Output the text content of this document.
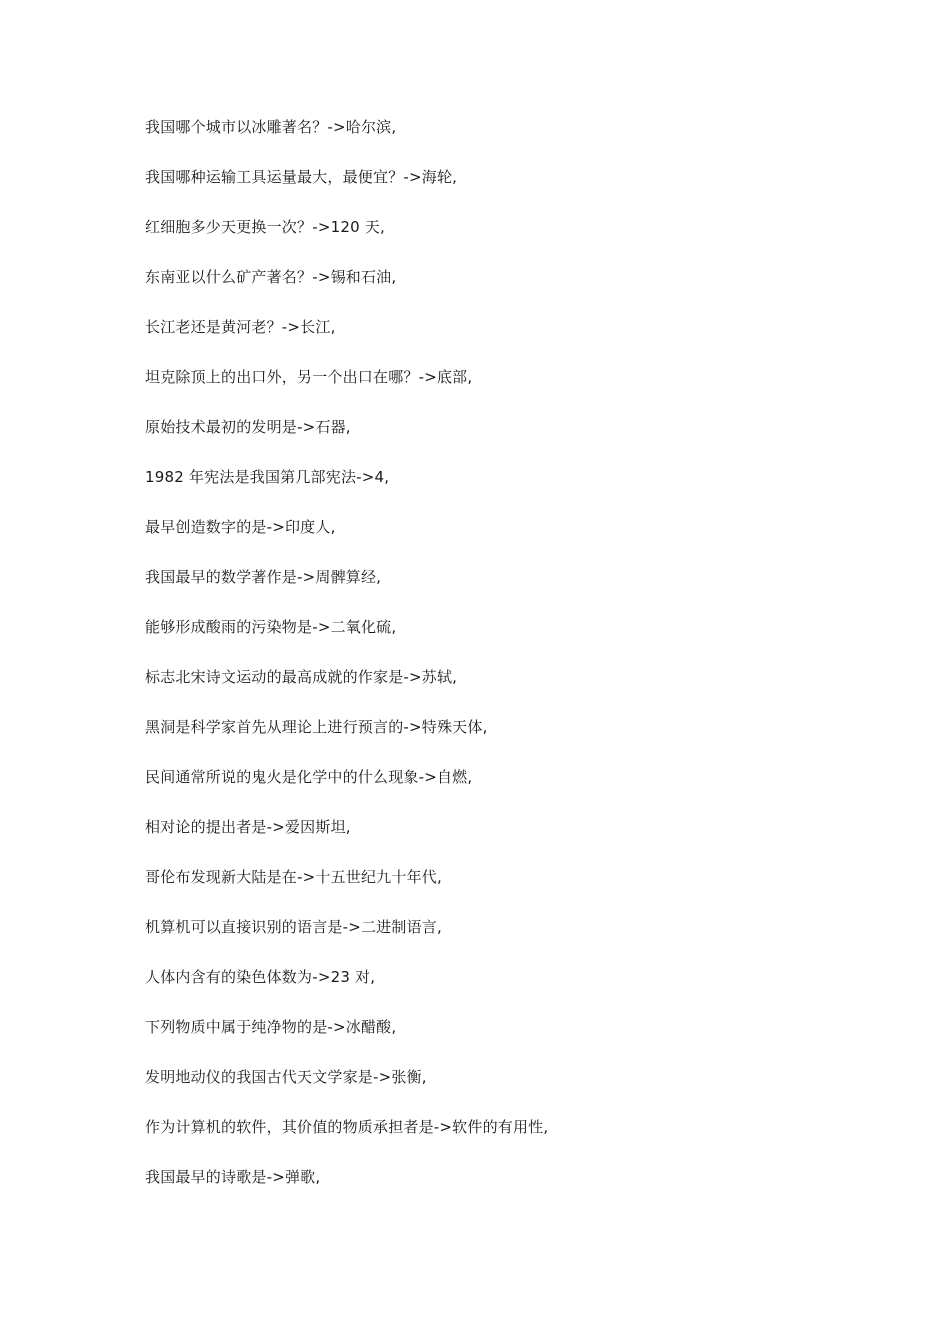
我国哪个城市以冰雕著名？->哈尔滨,
我国哪种运输工具运量最大，最便宜？->海轮,
红细胞多少天更换一次？->120 天,
东南亚以什么矿产著名？->锡和石油,
长江老还是黄河老？->长江,
坦克除顶上的出口外，另一个出口在哪？->底部,
原始技术最初的发明是->石器,
1982 年宪法是我国第几部宪法->4,
最早创造数字的是->印度人,
我国最早的数学著作是->周髀算经,
能够形成酸雨的污染物是->二氧化硫,
标志北宋诗文运动的最高成就的作家是->苏轼,
黑洞是科学家首先从理论上进行预言的->特殊天体,
民间通常所说的鬼火是化学中的什么现象->自燃,
相对论的提出者是->爱因斯坦,
哥伦布发现新大陆是在->十五世纪九十年代,
机算机可以直接识别的语言是->二进制语言,
人体内含有的染色体数为->23 对,
下列物质中属于纯净物的是->冰醋酸,
发明地动仪的我国古代天文学家是->张衡,
作为计算机的软件，其价值的物质承担者是->软件的有用性,
我国最早的诗歌是->弹歌,
